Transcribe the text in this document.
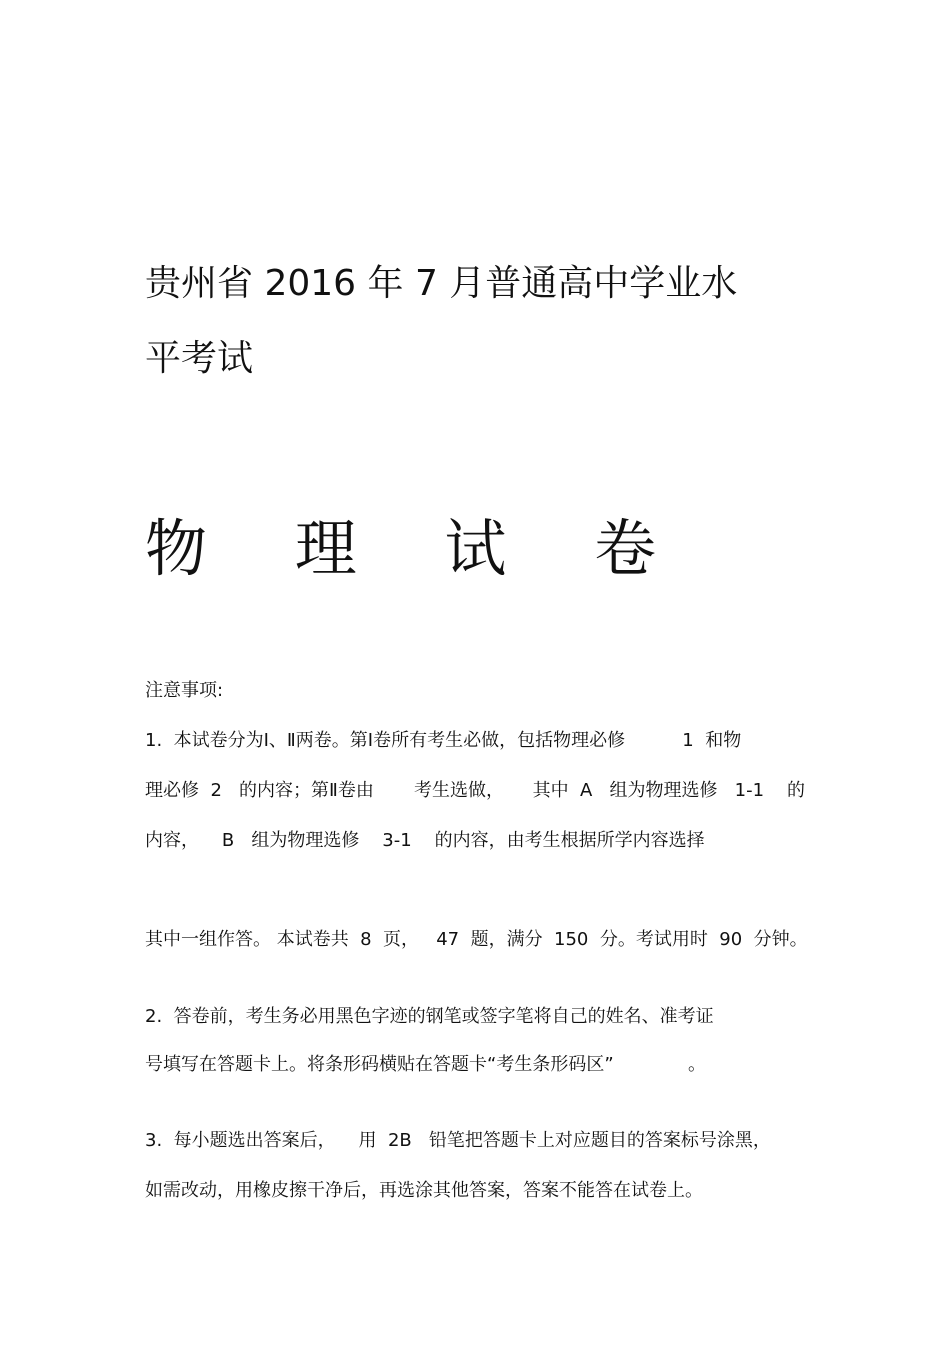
贵州省 2016 年 7 月普通高中学业水
平考试
物 理 试 卷

注意事项:

1.  本试卷分为Ⅰ、Ⅱ两卷。第Ⅰ卷所有考生必做，包括物理必修          1  和物

理必修  2   的内容；第Ⅱ卷由       考生选做，     其中  A   组为物理选修   1-1    的

内容，    B   组为物理选修    3-1    的内容，由考生根据所学内容选择

其中一组作答。 本试卷共  8  页，   47  题，满分  150  分。考试用时  90  分钟。

2.  答卷前，考生务必用黑色字迹的钢笔或签字笔将自己的姓名、准考证

号填写在答题卡上。将条形码横贴在答题卡“考生条形码区”             。

3.  每小题选出答案后，    用  2B   铅笔把答题卡上对应题目的答案标号涂黑，

如需改动，用橡皮擦干净后，再选涂其他答案，答案不能答在试卷上。
